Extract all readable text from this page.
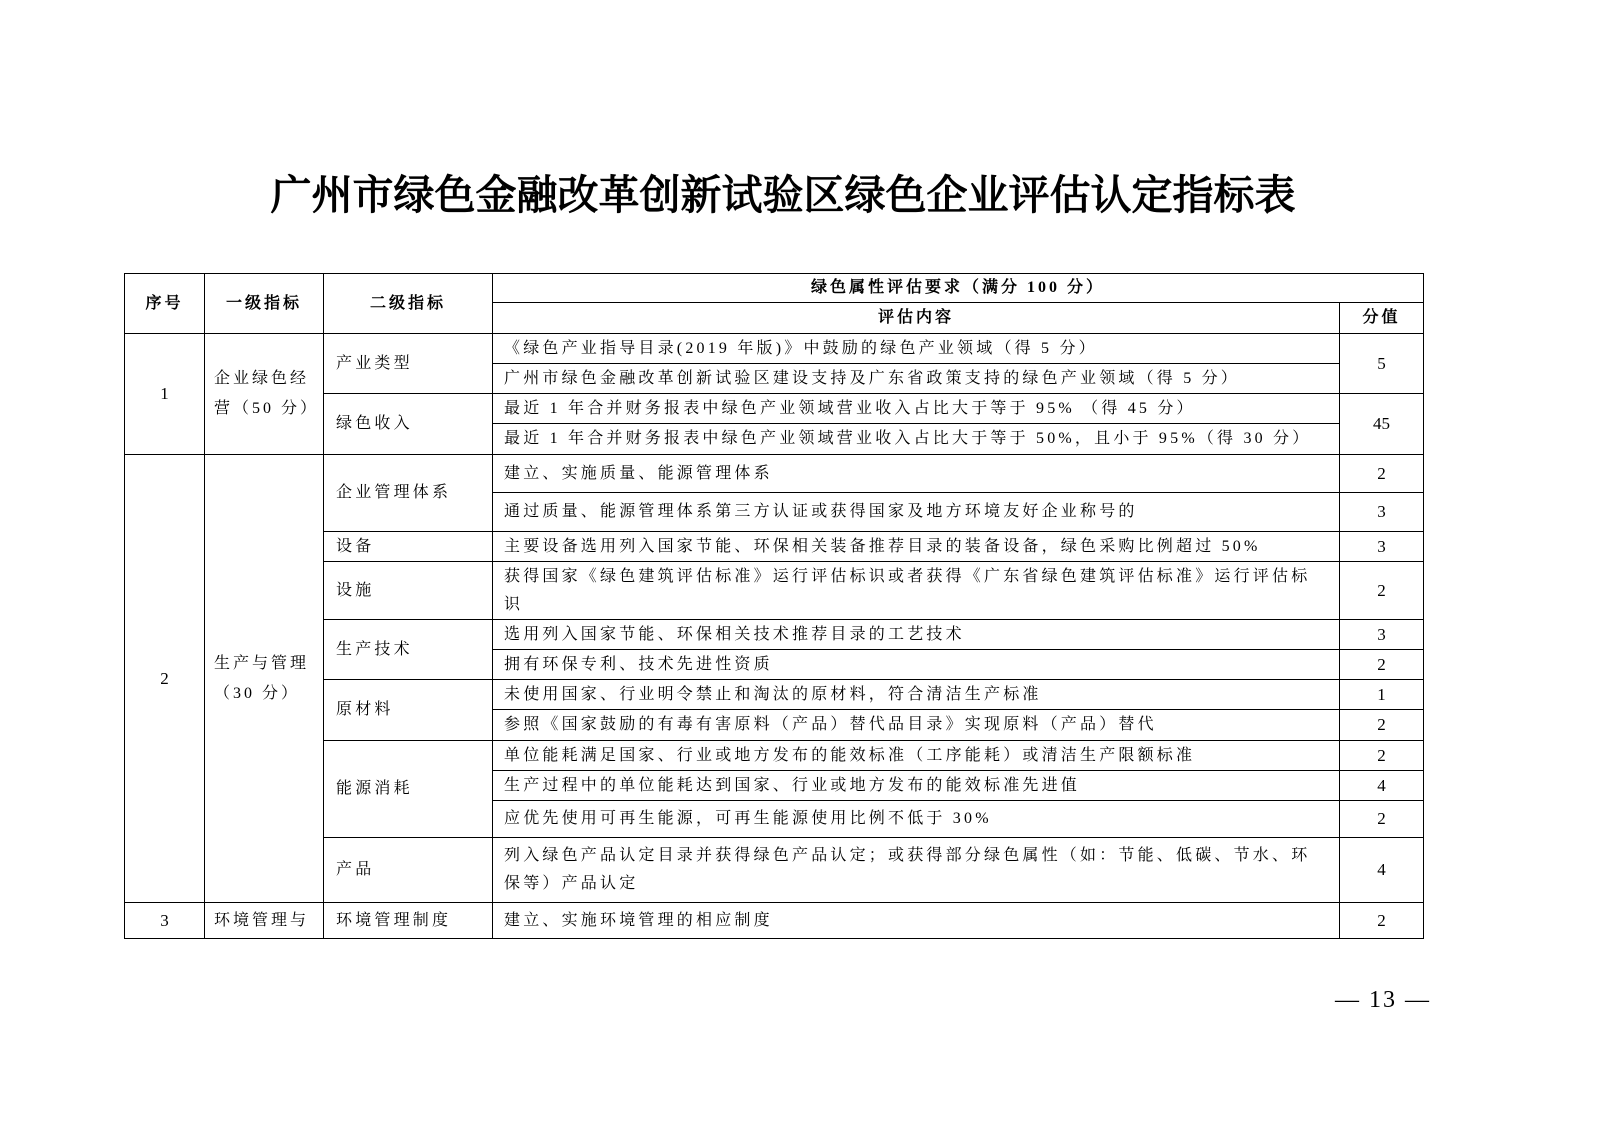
广州市绿色金融改革创新试验区绿色企业评估认定指标表
序号	一级指标	二级指标	绿色属性评估要求（满分 100 分）	
			评估内容	分值
1	企业绿色经营（50 分）	产业类型	《绿色产业指导目录(2019 年版)》中鼓励的绿色产业领域（得 5 分）	5
			广州市绿色金融改革创新试验区建设支持及广东省政策支持的绿色产业领域（得 5 分）	
		绿色收入	最近 1 年合并财务报表中绿色产业领域营业收入占比大于等于 95% （得 45 分）	45
			最近 1 年合并财务报表中绿色产业领域营业收入占比大于等于 50%，且小于 95%（得 30 分）	
2	生产与管理（30 分）	企业管理体系	建立、实施质量、能源管理体系	2
			通过质量、能源管理体系第三方认证或获得国家及地方环境友好企业称号的	3
		设备	主要设备选用列入国家节能、环保相关装备推荐目录的装备设备，绿色采购比例超过 50%	3
		设施	获得国家《绿色建筑评估标准》运行评估标识或者获得《广东省绿色建筑评估标准》运行评估标识	2
		生产技术	选用列入国家节能、环保相关技术推荐目录的工艺技术	3
			拥有环保专利、技术先进性资质	2
		原材料	未使用国家、行业明令禁止和淘汰的原材料，符合清洁生产标准	1
			参照《国家鼓励的有毒有害原料（产品）替代品目录》实现原料（产品）替代	2
		能源消耗	单位能耗满足国家、行业或地方发布的能效标准（工序能耗）或清洁生产限额标准	2
			生产过程中的单位能耗达到国家、行业或地方发布的能效标准先进值	4
			应优先使用可再生能源，可再生能源使用比例不低于 30%	2
		产品	列入绿色产品认定目录并获得绿色产品认定；或获得部分绿色属性（如：节能、低碳、节水、环保等）产品认定	4
3	环境管理与	环境管理制度	建立、实施环境管理的相应制度	2
— 13 —
